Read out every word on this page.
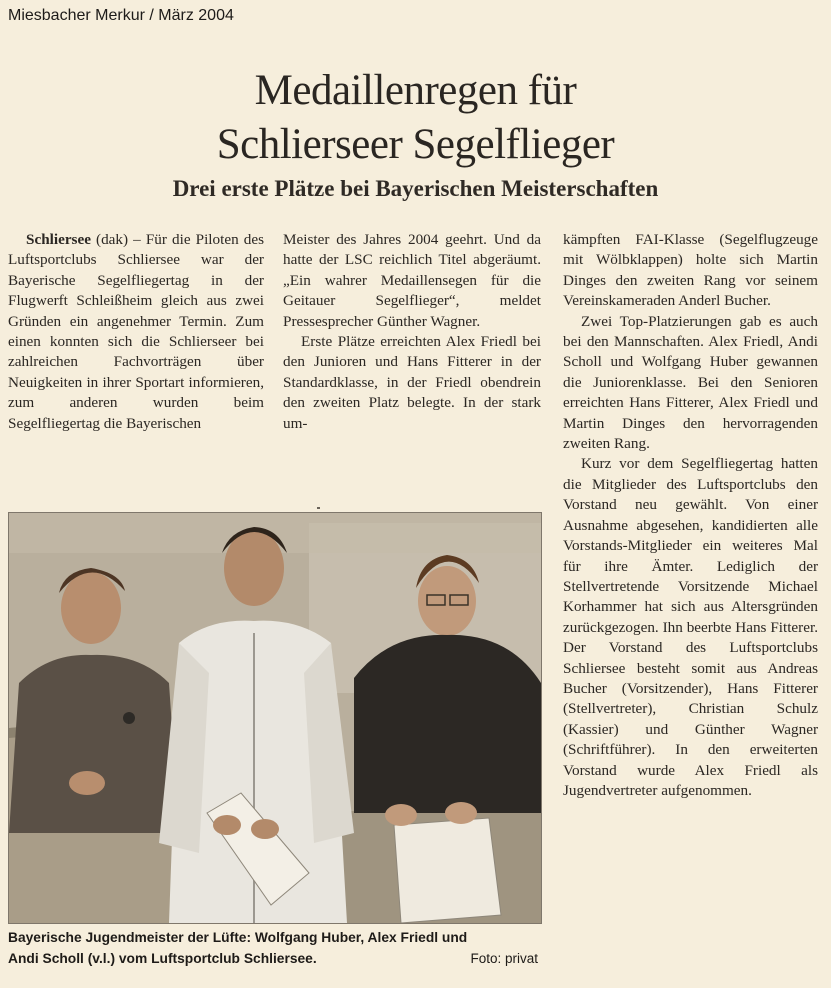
Miesbacher Merkur / März 2004
Medaillenregen für
Schlierseer Segelflieger
Drei erste Plätze bei Bayerischen Meisterschaften

Schliersee (dak) – Für die Piloten des Luftsportclubs Schliersee war der Bayerische Segelfliegertag in der Flugwerft Schleißheim gleich aus zwei Gründen ein angenehmer Termin. Zum einen konnten sich die Schlierseer bei zahlreichen Fachvorträgen über Neuigkeiten in ihrer Sportart informieren, zum anderen wurden beim Segelfliegertag die Bayerischen

Meister des Jahres 2004 geehrt. Und da hatte der LSC reichlich Titel abgeräumt. „Ein wahrer Medaillensegen für die Geitauer Segelflieger“, meldet Pressesprecher Günther Wagner.

Erste Plätze erreichten Alex Friedl bei den Junioren und Hans Fitterer in der Standardklasse, in der Friedl obendrein den zweiten Platz belegte. In der stark um-

kämpften FAI-Klasse (Segelflugzeuge mit Wölbklappen) holte sich Martin Dinges den zweiten Rang vor seinem Vereinskameraden Anderl Bucher.

Zwei Top-Platzierungen gab es auch bei den Mannschaften. Alex Friedl, Andi Scholl und Wolfgang Huber gewannen die Juniorenklasse. Bei den Senioren erreichten Hans Fitterer, Alex Friedl und Martin Dinges den hervorragenden zweiten Rang.

Kurz vor dem Segelfliegertag hatten die Mitglieder des Luftsportclubs den Vorstand neu gewählt. Von einer Ausnahme abgesehen, kandidierten alle Vorstands-Mitglieder ein weiteres Mal für ihre Ämter. Lediglich der Stellvertretende Vorsitzende Michael Korhammer hat sich aus Altersgründen zurückgezogen. Ihn beerbte Hans Fitterer. Der Vorstand des Luftsportclubs Schliersee besteht somit aus Andreas Bucher (Vorsitzender), Hans Fitterer (Stellvertreter), Christian Schulz (Kassier) und Günther Wagner (Schriftführer). In den erweiterten Vorstand wurde Alex Friedl als Jugendvertreter aufgenommen.

Bayerische Jugendmeister der Lüfte: Wolfgang Huber, Alex Friedl und
Andi Scholl (v.l.) vom Luftsportclub Schliersee.	Foto: privat
